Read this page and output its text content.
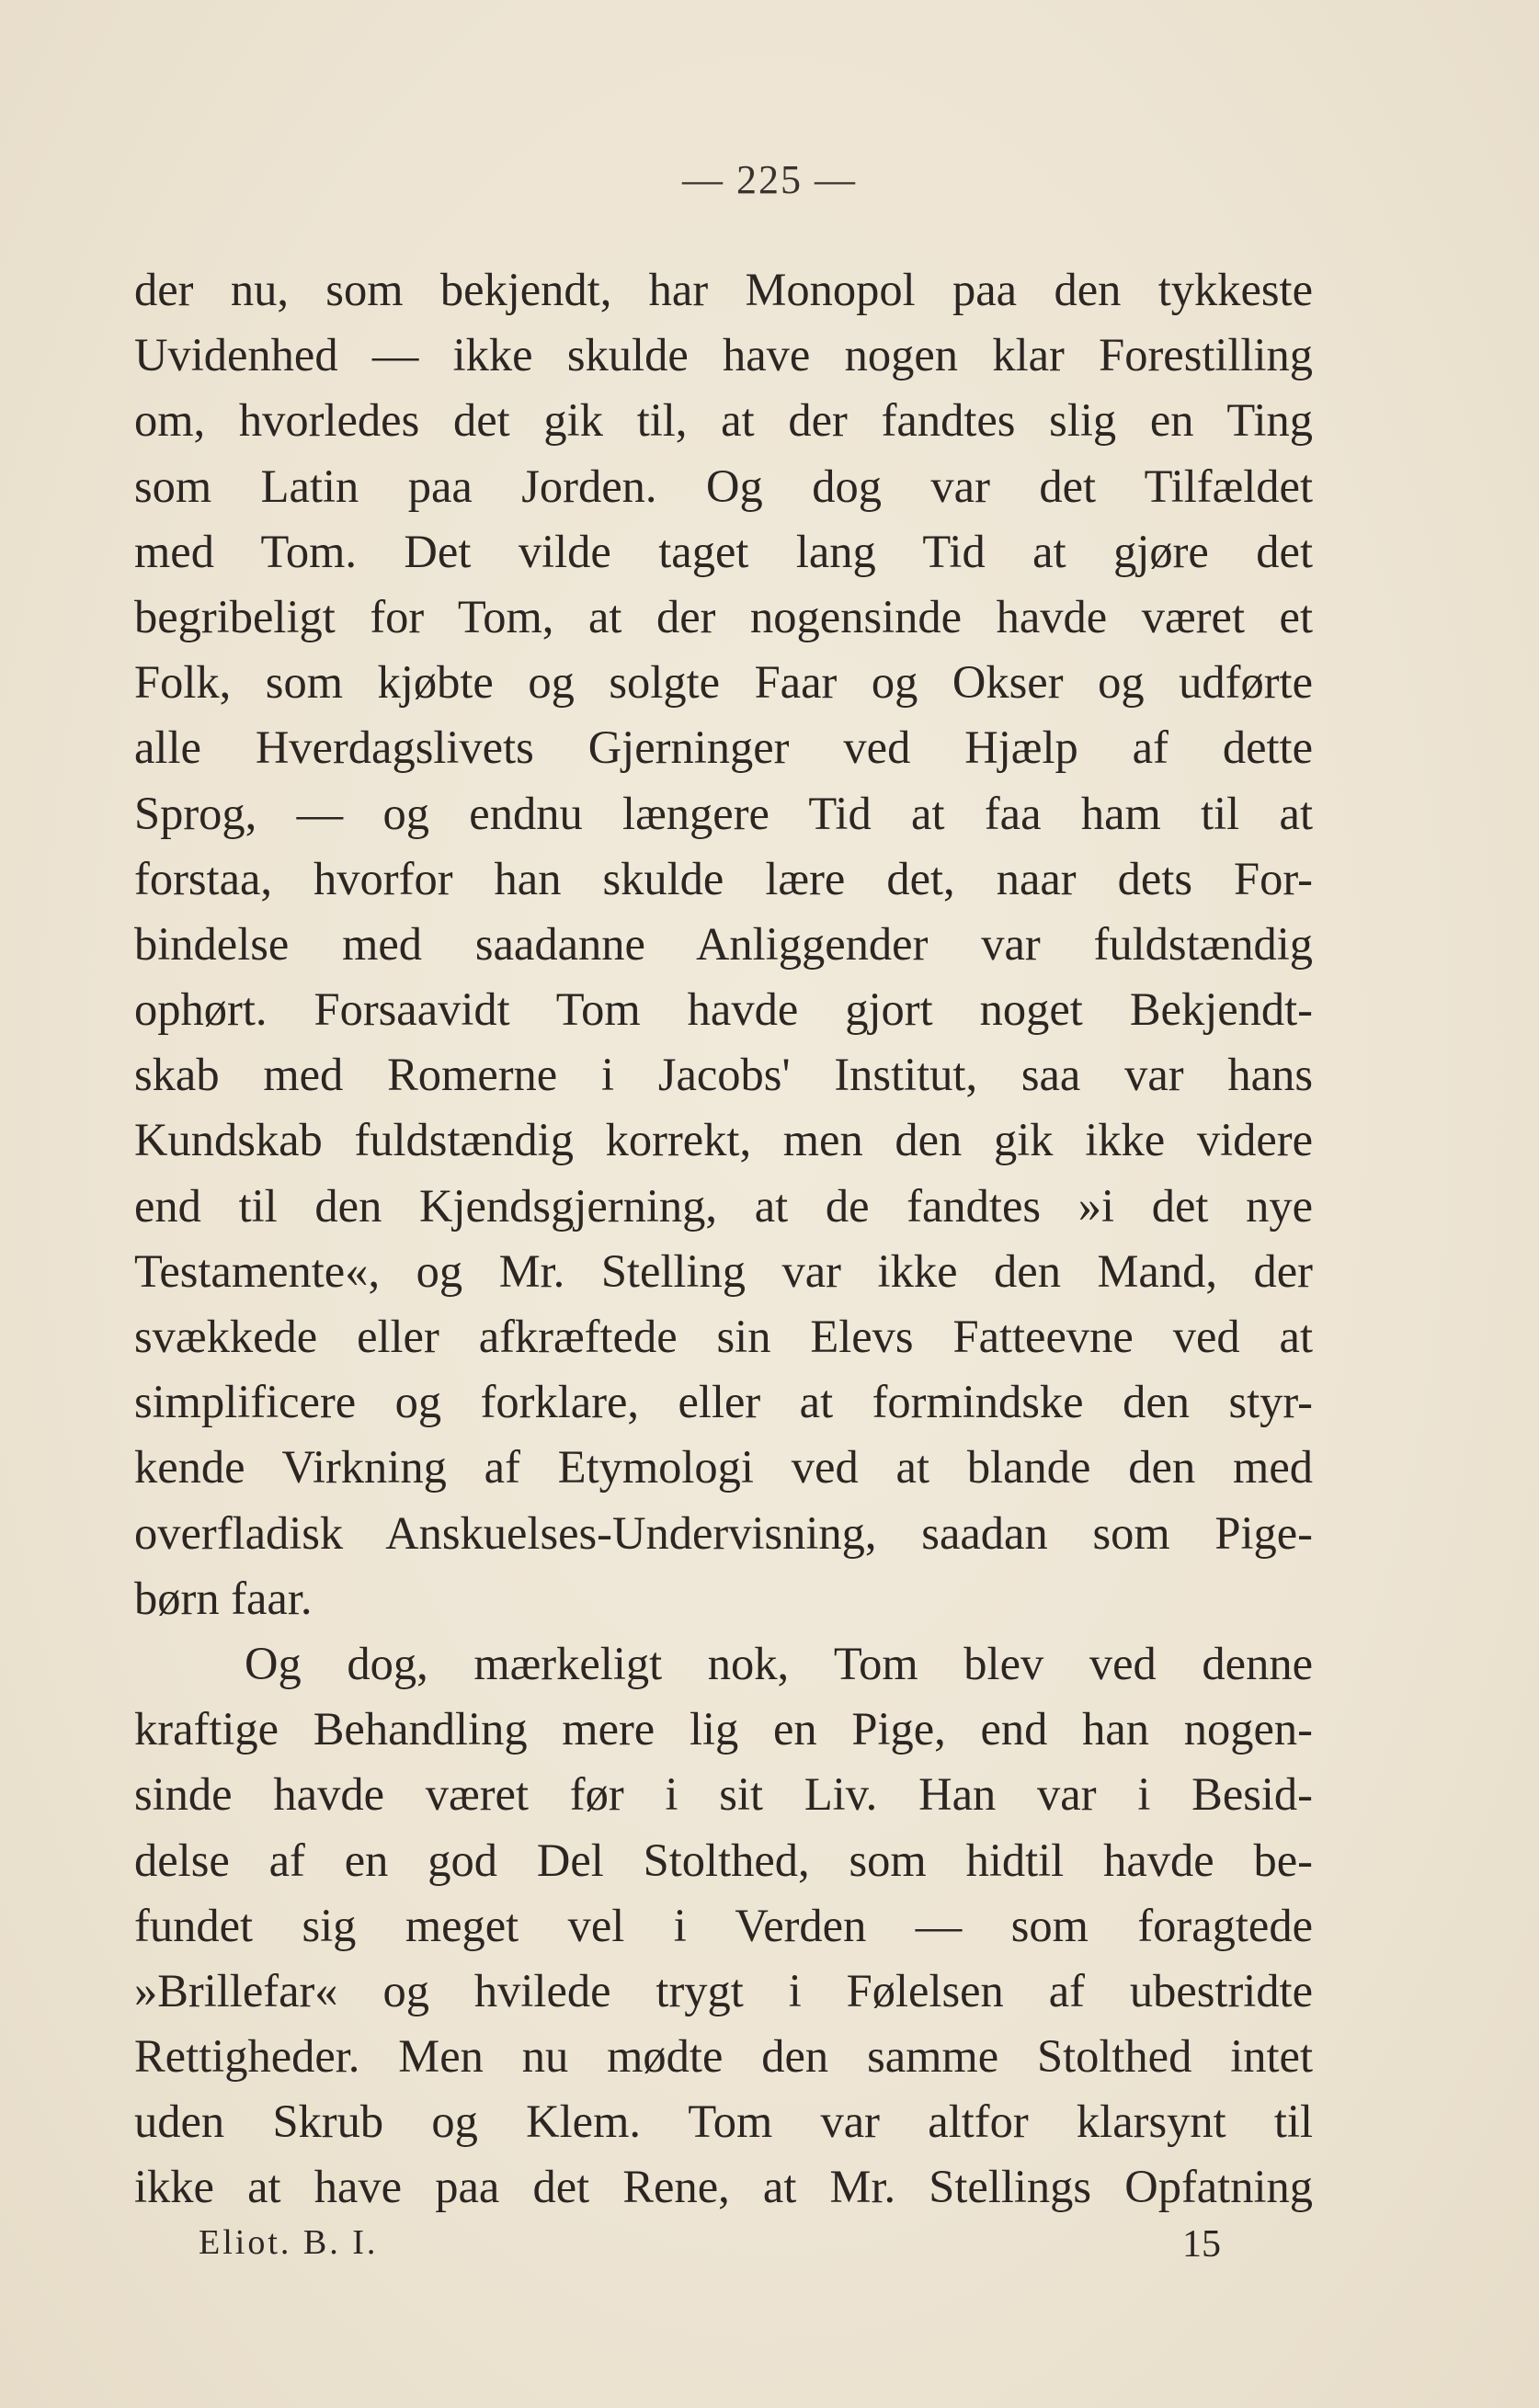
— 225 —
der nu, som bekjendt, har Monopol paa den tykkeste
Uvidenhed — ikke skulde have nogen klar Forestilling
om, hvorledes det gik til, at der fandtes slig en Ting
som Latin paa Jorden. Og dog var det Tilfældet
med Tom. Det vilde taget lang Tid at gjøre det
begribeligt for Tom, at der nogensinde havde været et
Folk, som kjøbte og solgte Faar og Okser og udførte
alle Hverdagslivets Gjerninger ved Hjælp af dette
Sprog, — og endnu længere Tid at faa ham til at
forstaa, hvorfor han skulde lære det, naar dets For-
bindelse med saadanne Anliggender var fuldstændig
ophørt. Forsaavidt Tom havde gjort noget Bekjendt-
skab med Romerne i Jacobs' Institut, saa var hans
Kundskab fuldstændig korrekt, men den gik ikke videre
end til den Kjendsgjerning, at de fandtes »i det nye
Testamente«, og Mr. Stelling var ikke den Mand, der
svækkede eller afkræftede sin Elevs Fatteevne ved at
simplificere og forklare, eller at formindske den styr-
kende Virkning af Etymologi ved at blande den med
overfladisk Anskuelses-Undervisning, saadan som Pige-
børn faar.
Og dog, mærkeligt nok, Tom blev ved denne
kraftige Behandling mere lig en Pige, end han nogen-
sinde havde været før i sit Liv. Han var i Besid-
delse af en god Del Stolthed, som hidtil havde be-
fundet sig meget vel i Verden — som foragtede
»Brillefar« og hvilede trygt i Følelsen af ubestridte
Rettigheder. Men nu mødte den samme Stolthed intet
uden Skrub og Klem. Tom var altfor klarsynt til
ikke at have paa det Rene, at Mr. Stellings Opfatning
Eliot. B. I.	15
